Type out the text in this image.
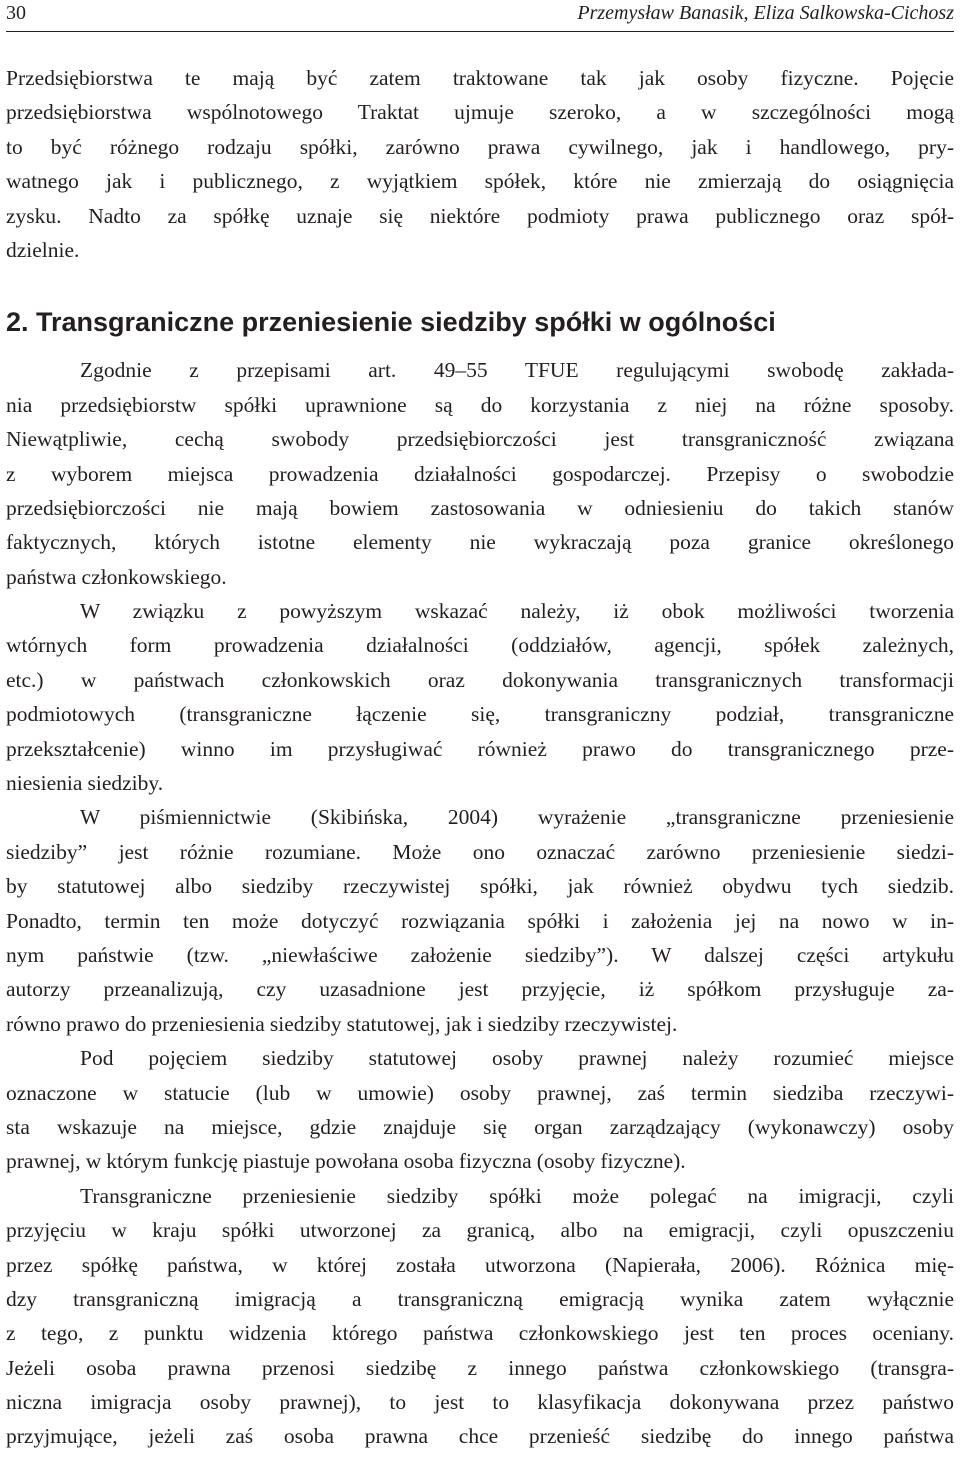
30	Przemysław Banasik, Eliza Salkowska-Cichosz
Przedsiębiorstwa te mają być zatem traktowane tak jak osoby fizyczne. Pojęcie
przedsiębiorstwa wspólnotowego Traktat ujmuje szeroko, a w szczególności mogą
to być różnego rodzaju spółki, zarówno prawa cywilnego, jak i handlowego, pry-
watnego jak i publicznego, z wyjątkiem spółek, które nie zmierzają do osiągnięcia
zysku. Nadto za spółkę uznaje się niektóre podmioty prawa publicznego oraz spół-
dzielnie.
2. Transgraniczne przeniesienie siedziby spółki w ogólności
Zgodnie z przepisami art. 49–55 TFUE regulującymi swobodę zakłada-
nia przedsiębiorstw spółki uprawnione są do korzystania z niej na różne sposoby.
Niewątpliwie, cechą swobody przedsiębiorczości jest transgraniczność związana
z wyborem miejsca prowadzenia działalności gospodarczej. Przepisy o swobodzie
przedsiębiorczości nie mają bowiem zastosowania w odniesieniu do takich stanów
faktycznych, których istotne elementy nie wykraczają poza granice określonego
państwa członkowskiego.
W związku z powyższym wskazać należy, iż obok możliwości tworzenia
wtórnych form prowadzenia działalności (oddziałów, agencji, spółek zależnych,
etc.) w państwach członkowskich oraz dokonywania transgranicznych transformacji
podmiotowych (transgraniczne łączenie się, transgraniczny podział, transgraniczne
przekształcenie) winno im przysługiwać również prawo do transgranicznego prze-
niesienia siedziby.
W piśmiennictwie (Skibińska, 2004) wyrażenie „transgraniczne przeniesienie
siedziby” jest różnie rozumiane. Może ono oznaczać zarówno przeniesienie siedzi-
by statutowej albo siedziby rzeczywistej spółki, jak również obydwu tych siedzib.
Ponadto, termin ten może dotyczyć rozwiązania spółki i założenia jej na nowo w in-
nym państwie (tzw. „niewłaściwe założenie siedziby”). W dalszej części artykułu
autorzy przeanalizują, czy uzasadnione jest przyjęcie, iż spółkom przysługuje za-
równo prawo do przeniesienia siedziby statutowej, jak i siedziby rzeczywistej.
Pod pojęciem siedziby statutowej osoby prawnej należy rozumieć miejsce
oznaczone w statucie (lub w umowie) osoby prawnej, zaś termin siedziba rzeczywi-
sta wskazuje na miejsce, gdzie znajduje się organ zarządzający (wykonawczy) osoby
prawnej, w którym funkcję piastuje powołana osoba fizyczna (osoby fizyczne).
Transgraniczne przeniesienie siedziby spółki może polegać na imigracji, czyli
przyjęciu w kraju spółki utworzonej za granicą, albo na emigracji, czyli opuszczeniu
przez spółkę państwa, w której została utworzona (Napierała, 2006). Różnica mię-
dzy transgraniczną imigracją a transgraniczną emigracją wynika zatem wyłącznie
z tego, z punktu widzenia którego państwa członkowskiego jest ten proces oceniany.
Jeżeli osoba prawna przenosi siedzibę z innego państwa członkowskiego (transgra-
niczna imigracja osoby prawnej), to jest to klasyfikacja dokonywana przez państwo
przyjmujące, jeżeli zaś osoba prawna chce przenieść siedzibę do innego państwa
